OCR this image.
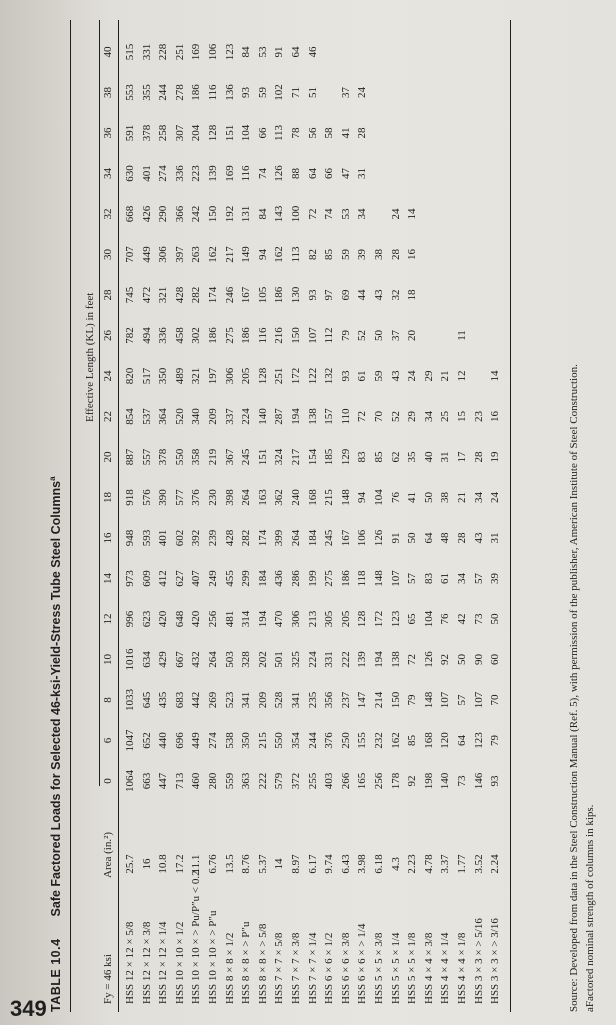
349 TABLE 10.4Safe Factored Loads for Selected 46-ksi-Yield-Stress Tube Steel Columns$^a$
Fy = 46 ksi
Area (in.²)
Effective Length (KL) in feet
0
6
8
10
12
14
16
18
20
22
24
26
28
30
32
34
36
38
40
HSS 12 × 12 × 5/8
25.7
1064
1047
1033
1016
996
973
948
918
887
854
820
782
745
707
668
630
591
553
515
HSS 12 × 12 × 3/8
16
663
652
645
634
623
609
593
576
557
537
517
494
472
449
426
401
378
355
331
HSS 12 × 12 × 1/4
10.8
447
440
435
429
420
412
401
390
378
364
350
336
321
306
290
274
258
244
228
HSS 10 × 10 × 1/2
17.2
713
696
683
667
648
627
602
577
550
520
489
458
428
397
366
336
307
278
251
HSS 10 × 10 × > Pu/P″u < 0.2
11.1
460
449
442
432
420
407
392
376
358
340
321
302
282
263
242
223
204
186
169
HSS 10 × 10 × > P″u
6.76
280
274
269
264
256
249
239
230
219
209
197
186
174
162
150
139
128
116
106
HSS 8 × 8 × 1/2
13.5
559
538
523
503
481
455
428
398
367
337
306
275
246
217
192
169
151
136
123
HSS 8 × 8 × > P″u
8.76
363
350
341
328
314
299
282
264
245
224
205
186
167
149
131
116
104
93
84
HSS 8 × 8 × > 5/8
5.37
222
215
209
202
194
184
174
163
151
140
128
116
105
94
84
74
66
59
53
HSS 7 × 7 × 5/8
14
579
550
528
501
470
436
399
362
324
287
251
216
186
162
143
126
113
102
91
HSS 7 × 7 × 3/8
8.97
372
354
341
325
306
286
264
240
217
194
172
150
130
113
100
88
78
71
64
HSS 7 × 7 × 1/4
6.17
255
244
235
224
213
199
184
168
154
138
122
107
93
82
72
64
56
51
46
HSS 6 × 6 × 1/2
9.74
403
376
356
331
305
275
245
215
185
157
132
112
97
85
74
66
58
HSS 6 × 6 × 3/8
6.43
266
250
237
222
205
186
167
148
129
110
93
79
69
59
53
47
41
37
HSS 6 × 6 × > 1/4
3.98
165
155
147
139
128
118
106
94
83
72
61
52
44
39
34
31
28
24
HSS 5 × 5 × 3/8
6.18
256
232
214
194
172
148
126
104
85
70
59
50
43
38
HSS 5 × 5 × 1/4
4.3
178
162
150
138
123
107
91
76
62
52
43
37
32
28
24
HSS 5 × 5 × 1/8
2.23
92
85
79
72
65
57
50
41
35
29
24
20
18
16
14
HSS 4 × 4 × 3/8
4.78
198
168
148
126
104
83
64
50
40
34
29
HSS 4 × 4 × 1/4
3.37
140
120
107
92
76
61
48
38
31
25
21
HSS 4 × 4 × 1/8
1.77
73
64
57
50
42
34
28
21
17
15
12
11
HSS 3 × 3 × > 5/16
3.52
146
123
107
90
73
57
43
34
28
23
HSS 3 × 3 × > 3/16
2.24
93
79
70
60
50
39
31
24
19
16
14	Source: Developed from data in the Steel Construction Manual (Ref. 5), with permission of the publisher, American Institute of Steel Construction. aFactored nominal strength of columns in kips.
